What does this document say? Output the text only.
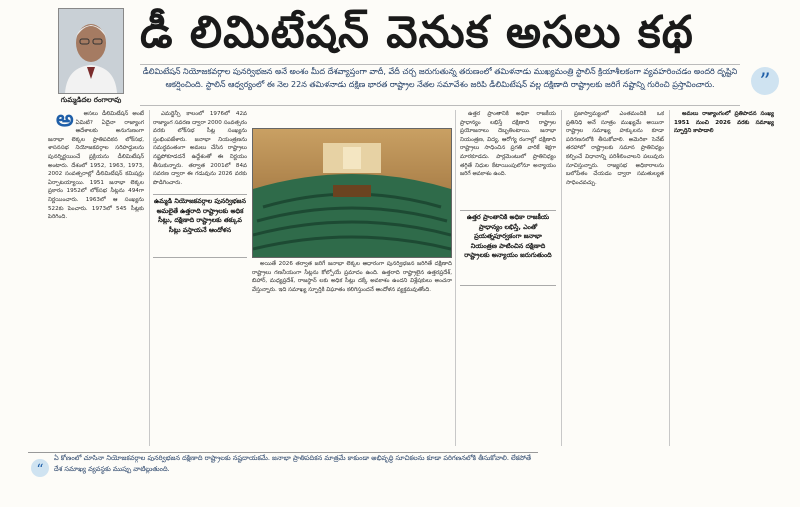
గుమ్మడిదల రంగారావు
డీ లిమిటేషన్ వెనుక అసలు కథ
”
డీలిమిటేషన్ నియోజకవర్గాల పునర్విభజన అనే అంశం మీద దేశవ్యాప్తంగా వాదీ, వేదీ చర్చ జరుగుతున్న తరుణంలో తమిళనాడు ముఖ్యమంత్రి స్టాలిన్ క్రియాశీలకంగా వ్యవహరించడం అందరి దృష్టిని ఆకర్షించింది. స్టాలిన్ ఆధ్వర్యంలో ఈ నెల 22న తమిళనాడు దక్షిణ భారత రాష్ట్రాల నేతల సమావేశం జరిపి డీలిమిటేషన్ వల్ల దక్షిణాది రాష్ట్రాలకు జరిగే నష్టాన్ని గురించి ప్రస్తావించారు.

అ అసలు డీలిమిటేషన్ అంటే ఏమిటి? ఏదైనా రాజ్యాంగ ఆదేశాలకు అనుగుణంగా జనాభా లెక్కల ప్రాతిపదికన లోక్‌సభ, శాసనసభ నియోజకవర్గాల సరిహద్దులను పునర్నిర్ణయించే ప్రక్రియను డీలిమిటేషన్ అంటారు. దేశంలో 1952, 1963, 1973, 2002 సంవత్సరాల్లో డీలిమిటేషన్ కమిషన్లు ఏర్పాటయ్యాయి. 1951 జనాభా లెక్కల ప్రకారం 1952లో లోక్‌సభ సీట్లను 494గా నిర్ణయించారు. 1963లో ఆ సంఖ్యను 522కు పెంచారు. 1973లో 545 సీట్లకు పెరిగింది.

ఎమర్జెన్సీ కాలంలో 1976లో 42వ రాజ్యాంగ సవరణ ద్వారా 2000 సంవత్సరం వరకు లోక్‌సభ సీట్ల సంఖ్యను స్తంభింపజేశారు. జనాభా నియంత్రణను సమర్థవంతంగా అమలు చేసిన రాష్ట్రాలు నష్టపోకూడదనే ఉద్దేశంతో ఈ నిర్ణయం తీసుకున్నారు. తర్వాత 2001లో 84వ సవరణ ద్వారా ఈ గడువును 2026 వరకు పొడిగించారు.

ఉమ్మడి నియోజకవర్గాల పునర్విభజన అమలైతే ఉత్తరాది రాష్ట్రాలకు అధిక సీట్లు, దక్షిణాది రాష్ట్రాలకు తక్కువ సీట్లు వస్తాయనే ఆందోళన

అయితే 2026 తర్వాత జరిగే జనాభా లెక్కల ఆధారంగా పునర్విభజన జరిగితే దక్షిణాది రాష్ట్రాలు గణనీయంగా సీట్లను కోల్పోయే ప్రమాదం ఉంది. ఉత్తరాది రాష్ట్రాలైన ఉత్తరప్రదేశ్, బిహార్, మధ్యప్రదేశ్, రాజస్థాన్ లకు అధిక సీట్లు దక్కే అవకాశం ఉందని విశ్లేషకులు అంచనా వేస్తున్నారు. ఇది సమాఖ్య స్ఫూర్తికి విఘాతం కలిగిస్తుందనే ఆందోళన వ్యక్తమవుతోంది.

ఉత్తర ప్రాంతానికి అధికా రాజకీయ ప్రాధాన్యం లభిస్తే దక్షిణాది రాష్ట్రాల ప్రయోజనాలు దెబ్బతింటాయి. జనాభా నియంత్రణ, విద్య, ఆరోగ్య రంగాల్లో దక్షిణాది రాష్ట్రాలు సాధించిన ప్రగతి వారికే శిక్షగా మారకూడదు. పార్లమెంటులో ప్రాతినిధ్యం తగ్గితే నిధుల కేటాయింపులోనూ అన్యాయం జరిగే అవకాశం ఉంది.

ఉత్తర ప్రాంతానికి అధికా రాజకీయ ప్రాధాన్యం లభిస్తే, ఎంతో ప్రయత్నపూర్వకంగా జనాభా నియంత్రణ పాటించిన దక్షిణాది రాష్ట్రాలకు అన్యాయం జరుగుతుంది

ప్రజాస్వామ్యంలో ఎంతమందికి ఒక ప్రతినిధి అనే సూత్రం ముఖ్యమే అయినా రాష్ట్రాల సమాఖ్య హక్కులను కూడా పరిగణనలోకి తీసుకోవాలి. అమెరికా సెనేట్ తరహాలో రాష్ట్రాలకు సమాన ప్రాతినిధ్యం కల్పించే విధానాన్ని పరిశీలించాలని పలువురు సూచిస్తున్నారు. రాజ్యసభ అధికారాలను బలోపేతం చేయడం ద్వారా సమతుల్యత సాధించవచ్చు.

అమలు రాజ్యాంగంలో ప్రతిపాదన సంఖ్య 1951 నుంచి 2026 వరకు సమాఖ్య స్ఫూర్తిని కాపాడాలి

“
ఏ కోణంలో చూసినా నియోజకవర్గాల పునర్విభజన దక్షిణాది రాష్ట్రాలకు నష్టదాయకమే. జనాభా ప్రాతిపదికన మాత్రమే కాకుండా అభివృద్ధి సూచికలను కూడా పరిగణనలోకి తీసుకోవాలి. లేకపోతే దేశ సమాఖ్య వ్యవస్థకు ముప్పు వాటిల్లుతుంది.
